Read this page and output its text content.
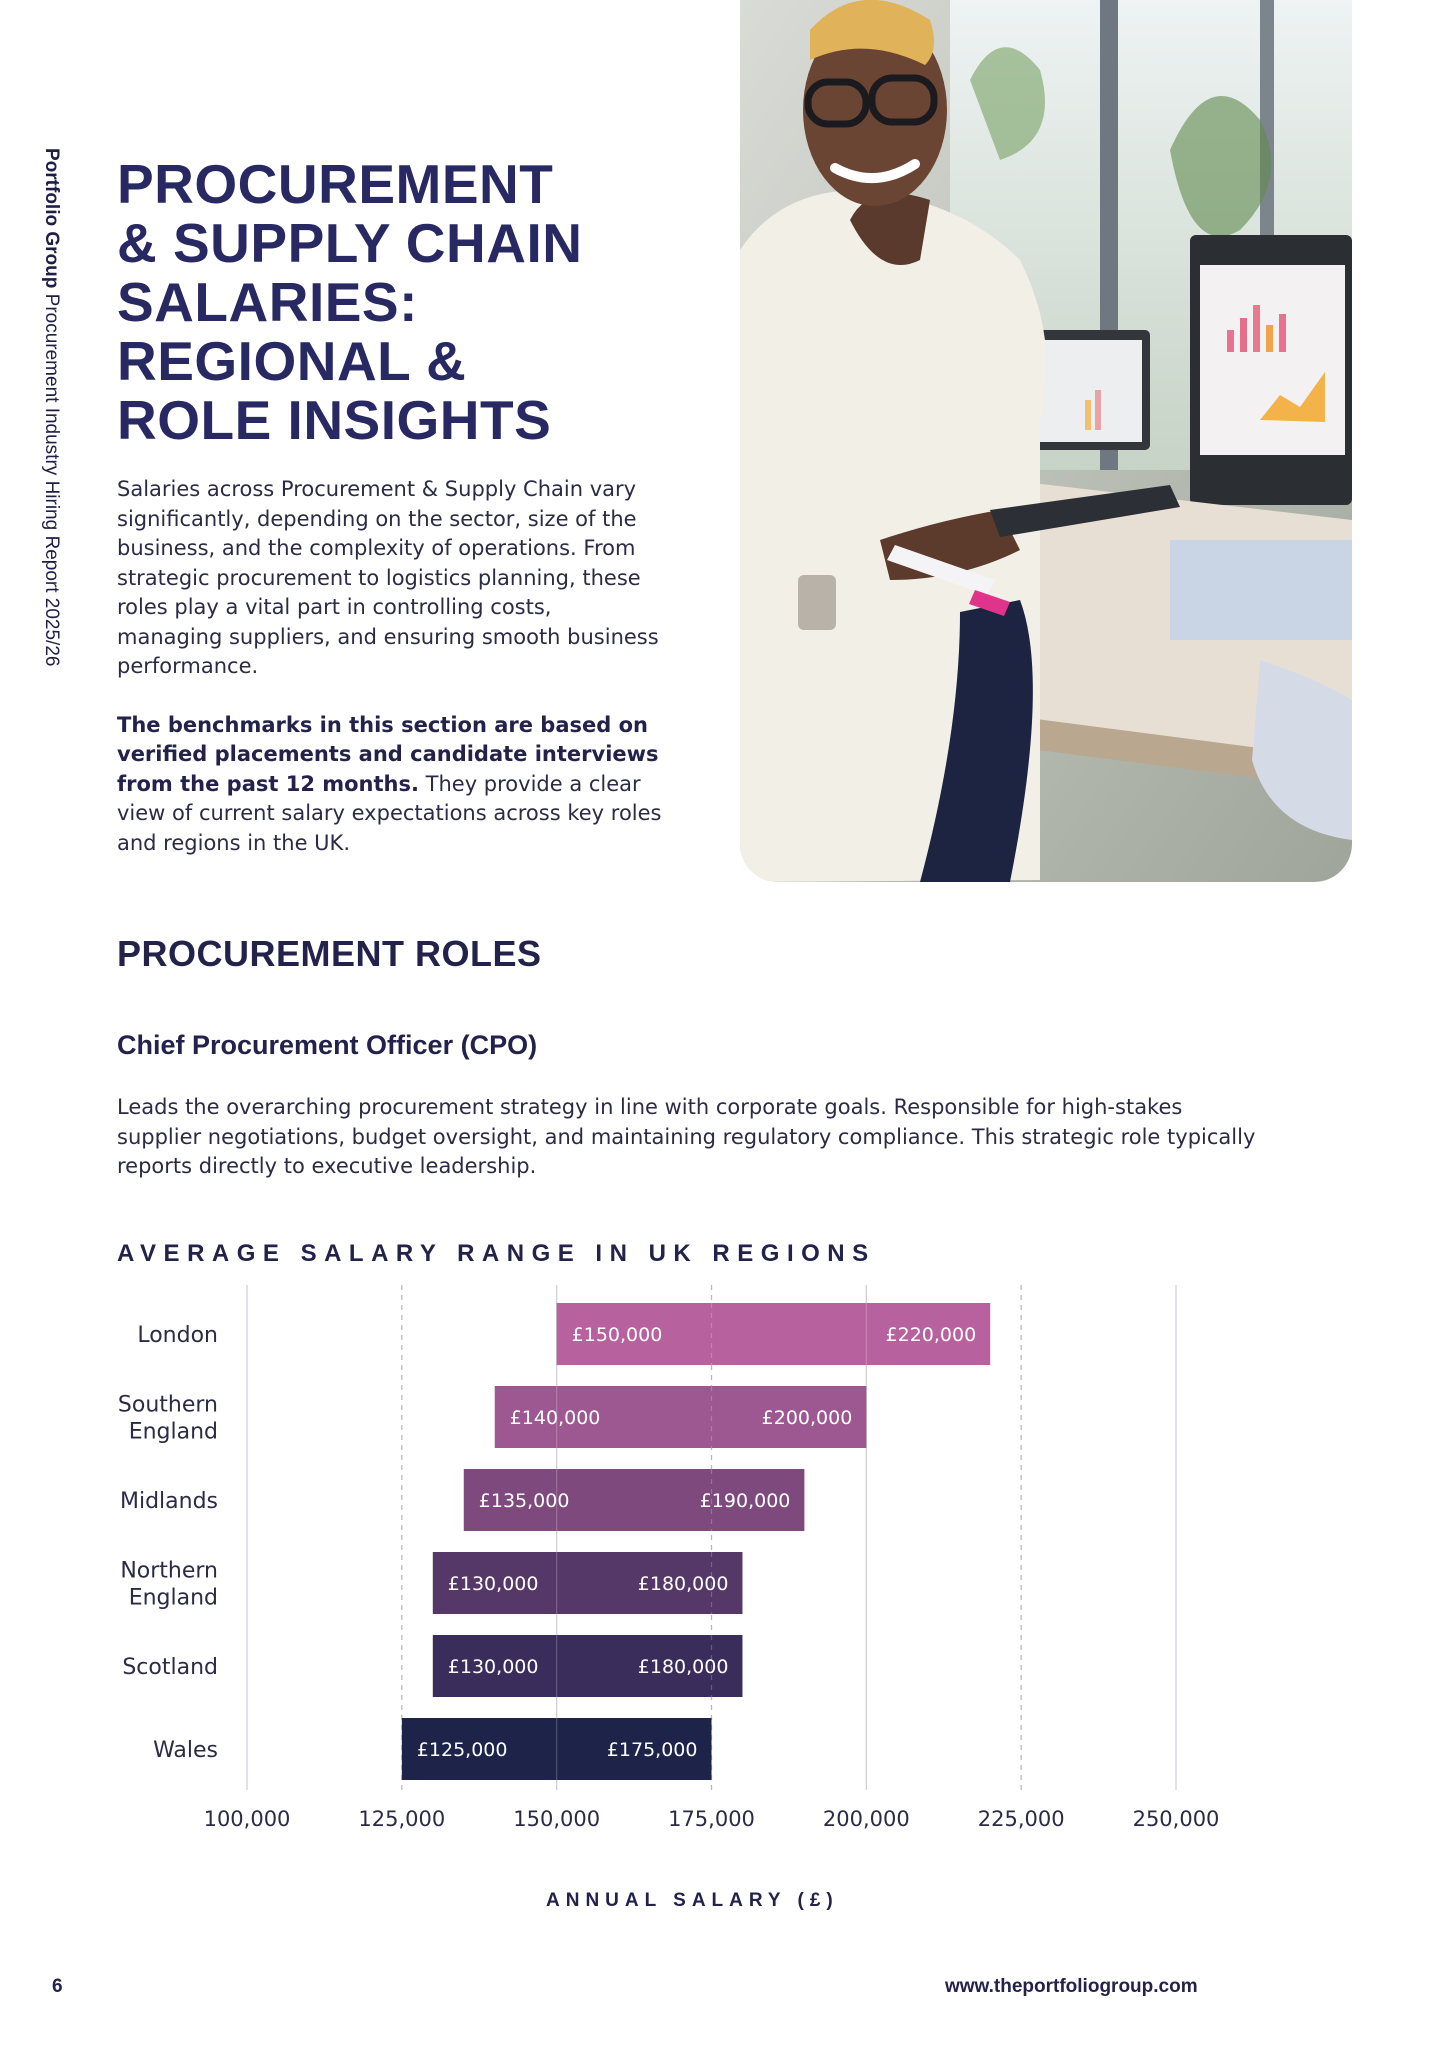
Portfolio Group Procurement Industry Hiring Report 2025/26
PROCUREMENT
& SUPPLY CHAIN
SALARIES:
REGIONAL &
ROLE INSIGHTS

Salaries across Procurement & Supply Chain vary significantly, depending on the sector, size of the business, and the complexity of operations. From strategic procurement to logistics planning, these roles play a vital part in controlling costs, managing suppliers, and ensuring smooth business performance.

The benchmarks in this section are based on verified placements and candidate interviews from the past 12 months. They provide a clear view of current salary expectations across key roles and regions in the UK.

PROCUREMENT ROLES
Chief Procurement Officer (CPO)

Leads the overarching procurement strategy in line with corporate goals. Responsible for high-stakes supplier negotiations, budget oversight, and maintaining regulatory compliance. This strategic role typically reports directly to executive leadership.

AVERAGE SALARY RANGE IN UK REGIONS
100,000	125,000	150,000	175,000	200,000	225,000	250,000
£150,000	£220,000
London
£140,000	£200,000
Southern
England
£135,000	£190,000
Midlands
£130,000	£180,000
Northern
England
£130,000	£180,000
Scotland
£125,000	£175,000
Wales
ANNUAL SALARY (£)
6	www.theportfoliogroup.com
